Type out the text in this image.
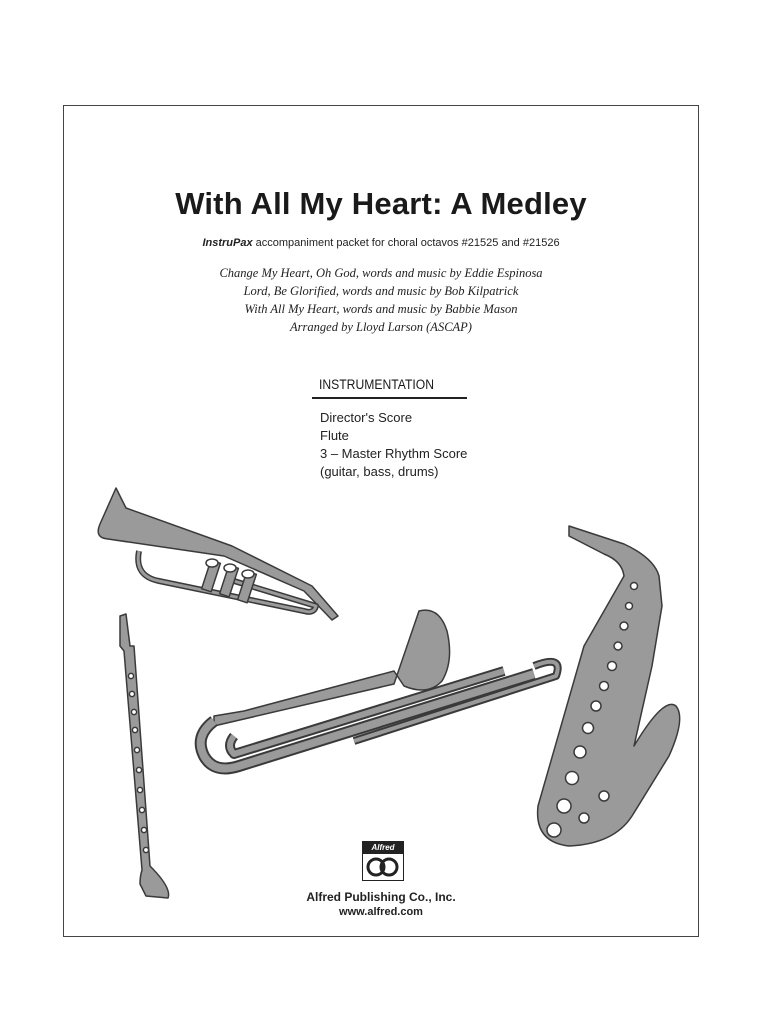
With All My Heart: A Medley
InstruPax accompaniment packet for choral octavos #21525 and #21526
Change My Heart, Oh God, words and music by Eddie Espinosa
Lord, Be Glorified, words and music by Bob Kilpatrick
With All My Heart, words and music by Babbie Mason
Arranged by Lloyd Larson (ASCAP)
INSTRUMENTATION
Director's Score
Flute
3 – Master Rhythm Score
(guitar, bass, drums)
Alfred
Alfred Publishing Co., Inc.
www.alfred.com
